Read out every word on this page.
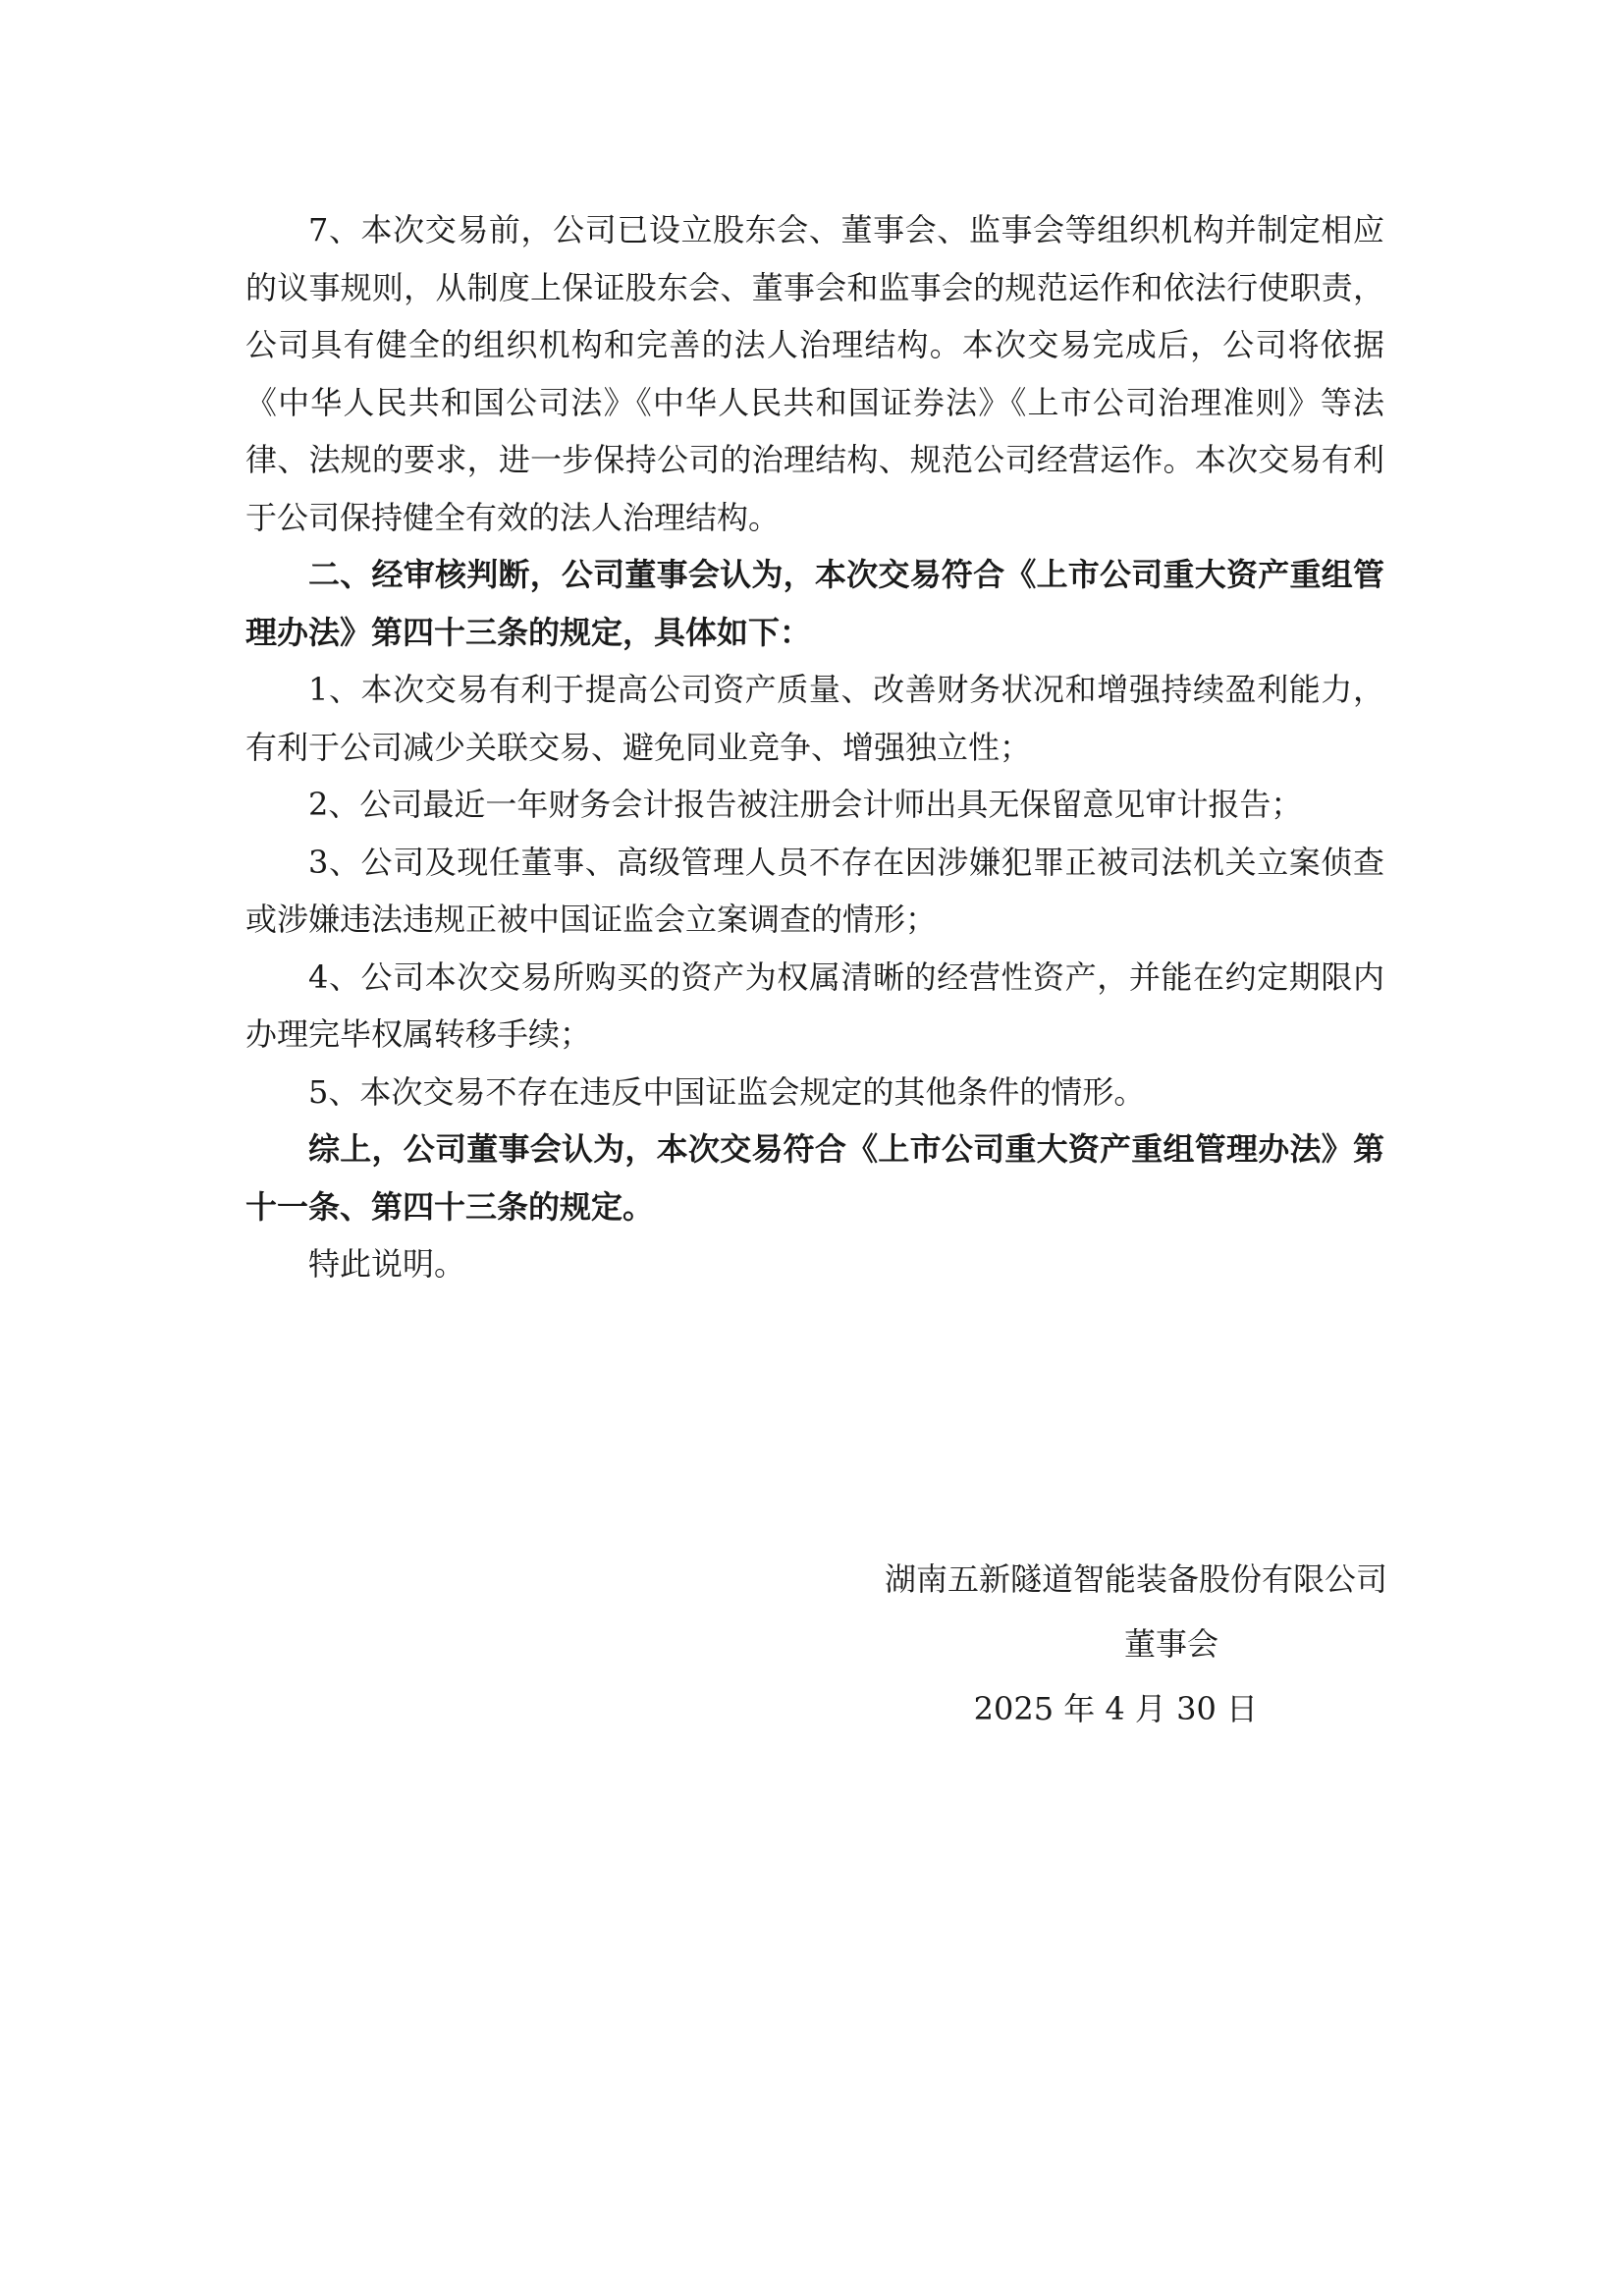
7、本次交易前，公司已设立股东会、董事会、监事会等组织机构并制定相应的议事规则，从制度上保证股东会、董事会和监事会的规范运作和依法行使职责，公司具有健全的组织机构和完善的法人治理结构。本次交易完成后，公司将依据《中华人民共和国公司法》《中华人民共和国证券法》《上市公司治理准则》等法律、法规的要求，进一步保持公司的治理结构、规范公司经营运作。本次交易有利于公司保持健全有效的法人治理结构。

二、经审核判断，公司董事会认为，本次交易符合《上市公司重大资产重组管理办法》第四十三条的规定，具体如下：

1、本次交易有利于提高公司资产质量、改善财务状况和增强持续盈利能力，有利于公司减少关联交易、避免同业竞争、增强独立性；

2、公司最近一年财务会计报告被注册会计师出具无保留意见审计报告；

3、公司及现任董事、高级管理人员不存在因涉嫌犯罪正被司法机关立案侦查或涉嫌违法违规正被中国证监会立案调查的情形；

4、公司本次交易所购买的资产为权属清晰的经营性资产，并能在约定期限内办理完毕权属转移手续；

5、本次交易不存在违反中国证监会规定的其他条件的情形。

综上，公司董事会认为，本次交易符合《上市公司重大资产重组管理办法》第十一条、第四十三条的规定。

特此说明。

湖南五新隧道智能装备股份有限公司
董事会
2025 年 4 月 30 日
